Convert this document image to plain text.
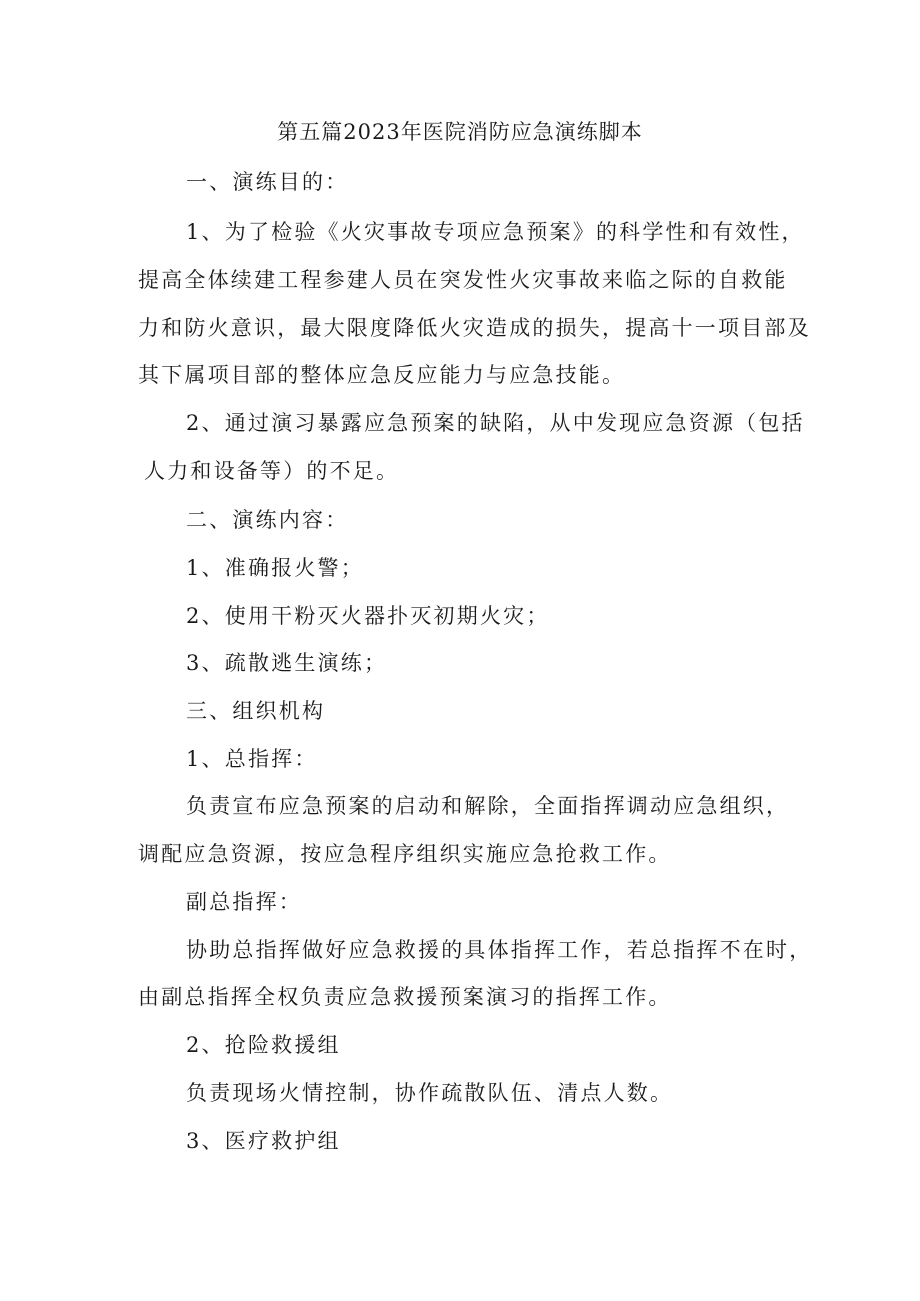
第五篇2023年医院消防应急演练脚本
一、演练目的：
1、为了检验《火灾事故专项应急预案》的科学性和有效性，
提高全体续建工程参建人员在突发性火灾事故来临之际的自救能
力和防火意识，最大限度降低火灾造成的损失，提高十一项目部及
其下属项目部的整体应急反应能力与应急技能。
2、通过演习暴露应急预案的缺陷，从中发现应急资源（包括
人力和设备等）的不足。
二、演练内容：
1、准确报火警；
2、使用干粉灭火器扑灭初期火灾；
3、疏散逃生演练；
三、组织机构
1、总指挥：
负责宣布应急预案的启动和解除，全面指挥调动应急组织，
调配应急资源，按应急程序组织实施应急抢救工作。
副总指挥：
协助总指挥做好应急救援的具体指挥工作，若总指挥不在时，
由副总指挥全权负责应急救援预案演习的指挥工作。
2、抢险救援组
负责现场火情控制，协作疏散队伍、清点人数。
3、医疗救护组
